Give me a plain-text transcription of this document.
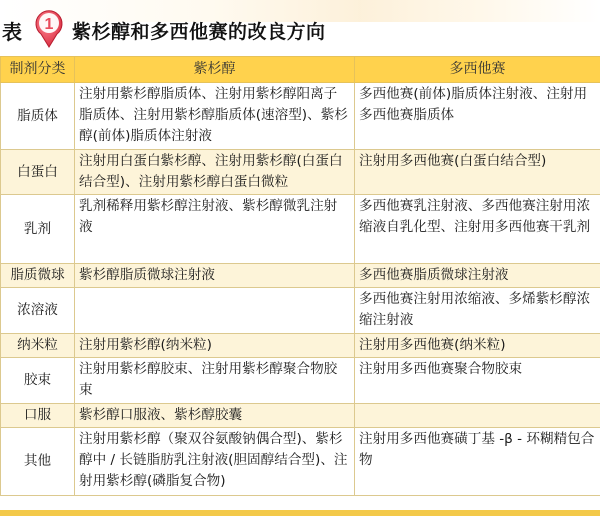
表 1 紫杉醇和多西他赛的改良方向
制剂分类	紫杉醇	多西他赛
脂质体	注射用紫杉醇脂质体、注射用紫杉醇阳离子脂质体、注射用紫杉醇脂质体(速溶型)、紫杉醇(前体)脂质体注射液	多西他赛(前体)脂质体注射液、注射用多西他赛脂质体
白蛋白	注射用白蛋白紫杉醇、注射用紫杉醇(白蛋白结合型)、注射用紫杉醇白蛋白微粒	注射用多西他赛(白蛋白结合型)
乳剂	乳剂稀释用紫杉醇注射液、紫杉醇微乳注射液	多西他赛乳注射液、多西他赛注射用浓缩液自乳化型、注射用多西他赛干乳剂
脂质微球	紫杉醇脂质微球注射液	多西他赛脂质微球注射液
浓溶液		多西他赛注射用浓缩液、多烯紫杉醇浓缩注射液
纳米粒	注射用紫杉醇(纳米粒)	注射用多西他赛(纳米粒)
胶束	注射用紫杉醇胶束、注射用紫杉醇聚合物胶束	注射用多西他赛聚合物胶束
口服	紫杉醇口服液、紫杉醇胶囊	
其他	注射用紫杉醇（聚双谷氨酸钠偶合型)、紫杉醇中 / 长链脂肪乳注射液(胆固醇结合型)、注射用紫杉醇(磷脂复合物)	注射用多西他赛磺丁基 -β - 环糊精包合物
